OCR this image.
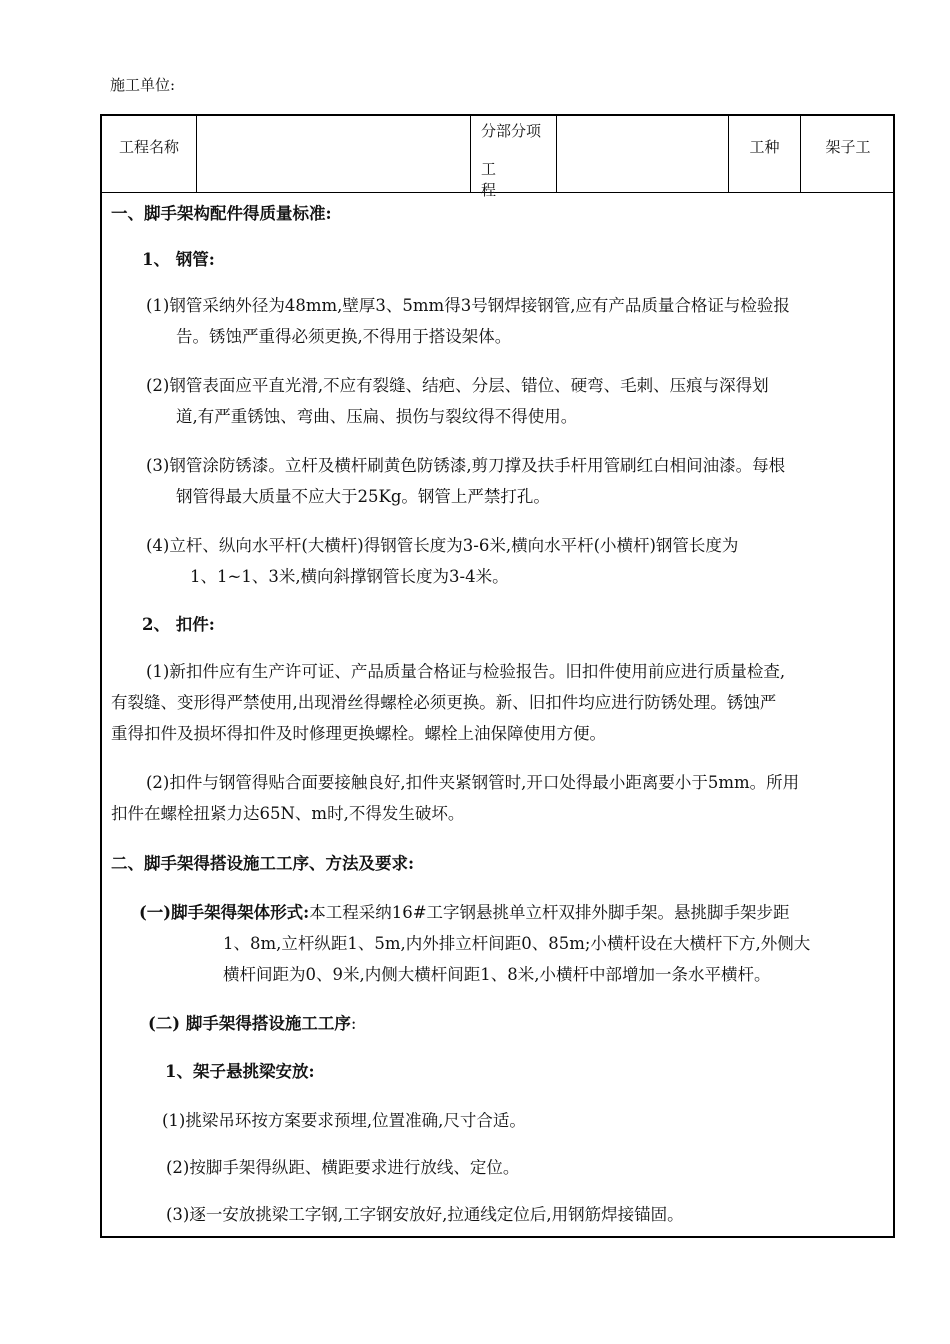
施工单位:
工程名称
分部分项
工程
工种	架子工
一、脚手架构配件得质量标准:
1、 钢管:
(1)钢管采纳外径为48mm,壁厚3、5mm得3号钢焊接钢管,应有产品质量合格证与检验报
告。锈蚀严重得必须更换,不得用于搭设架体。
(2)钢管表面应平直光滑,不应有裂缝、结疤、分层、错位、硬弯、毛刺、压痕与深得划
道,有严重锈蚀、弯曲、压扁、损伤与裂纹得不得使用。
(3)钢管涂防锈漆。立杆及横杆刷黄色防锈漆,剪刀撑及扶手杆用管刷红白相间油漆。每根
钢管得最大质量不应大于25Kg。钢管上严禁打孔。
(4)立杆、纵向水平杆(大横杆)得钢管长度为3-6米,横向水平杆(小横杆)钢管长度为
1、1~1、3米,横向斜撑钢管长度为3-4米。
2、 扣件:
(1)新扣件应有生产许可证、产品质量合格证与检验报告。旧扣件使用前应进行质量检查,
有裂缝、变形得严禁使用,出现滑丝得螺栓必须更换。新、旧扣件均应进行防锈处理。锈蚀严
重得扣件及损坏得扣件及时修理更换螺栓。螺栓上油保障使用方便。
(2)扣件与钢管得贴合面要接触良好,扣件夹紧钢管时,开口处得最小距离要小于5mm。所用
扣件在螺栓扭紧力达65N、m时,不得发生破坏。
二、脚手架得搭设施工工序、方法及要求:
(一)脚手架得架体形式:本工程采纳16#工字钢悬挑单立杆双排外脚手架。悬挑脚手架步距
1、8m,立杆纵距1、5m,内外排立杆间距0、85m;小横杆设在大横杆下方,外侧大
横杆间距为0、9米,内侧大横杆间距1、8米,小横杆中部增加一条水平横杆。
(二) 脚手架得搭设施工工序:
1、架子悬挑梁安放:
(1)挑梁吊环按方案要求预埋,位置准确,尺寸合适。
(2)按脚手架得纵距、横距要求进行放线、定位。
(3)逐一安放挑梁工字钢,工字钢安放好,拉通线定位后,用钢筋焊接锚固。
